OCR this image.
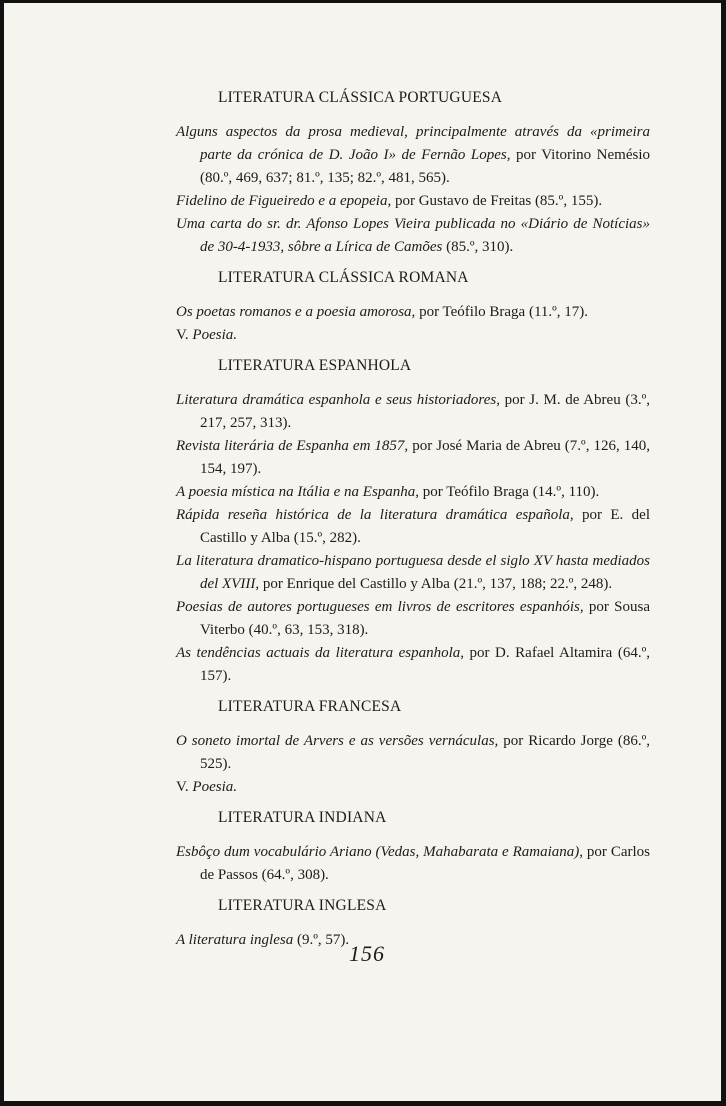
LITERATURA CLÁSSICA PORTUGUESA

Alguns aspectos da prosa medieval, principalmente através da «primeira parte da crónica de D. João I» de Fernão Lopes, por Vitorino Nemésio (80.º, 469, 637; 81.º, 135; 82.º, 481, 565).

Fidelino de Figueiredo e a epopeia, por Gustavo de Freitas (85.º, 155).

Uma carta do sr. dr. Afonso Lopes Vieira publicada no «Diário de Notícias» de 30-4-1933, sôbre a Lírica de Camões (85.º, 310).

LITERATURA CLÁSSICA ROMANA

Os poetas romanos e a poesia amorosa, por Teófilo Braga (11.º, 17).

V. Poesia.

LITERATURA ESPANHOLA

Literatura dramática espanhola e seus historiadores, por J. M. de Abreu (3.º, 217, 257, 313).

Revista literária de Espanha em 1857, por José Maria de Abreu (7.º, 126, 140, 154, 197).

A poesia mística na Itália e na Espanha, por Teófilo Braga (14.º, 110).

Rápida reseña histórica de la literatura dramática española, por E. del Castillo y Alba (15.º, 282).

La literatura dramatico-hispano portuguesa desde el siglo XV hasta mediados del XVIII, por Enrique del Castillo y Alba (21.º, 137, 188; 22.º, 248).

Poesias de autores portugueses em livros de escritores espanhóis, por Sousa Viterbo (40.º, 63, 153, 318).

As tendências actuais da literatura espanhola, por D. Rafael Altamira (64.º, 157).

LITERATURA FRANCESA

O soneto imortal de Arvers e as versões vernáculas, por Ricardo Jorge (86.º, 525).

V. Poesia.

LITERATURA INDIANA

Esbôço dum vocabulário Ariano (Vedas, Mahabarata e Ramaiana), por Carlos de Passos (64.º, 308).

LITERATURA INGLESA

A literatura inglesa (9.º, 57).

156
